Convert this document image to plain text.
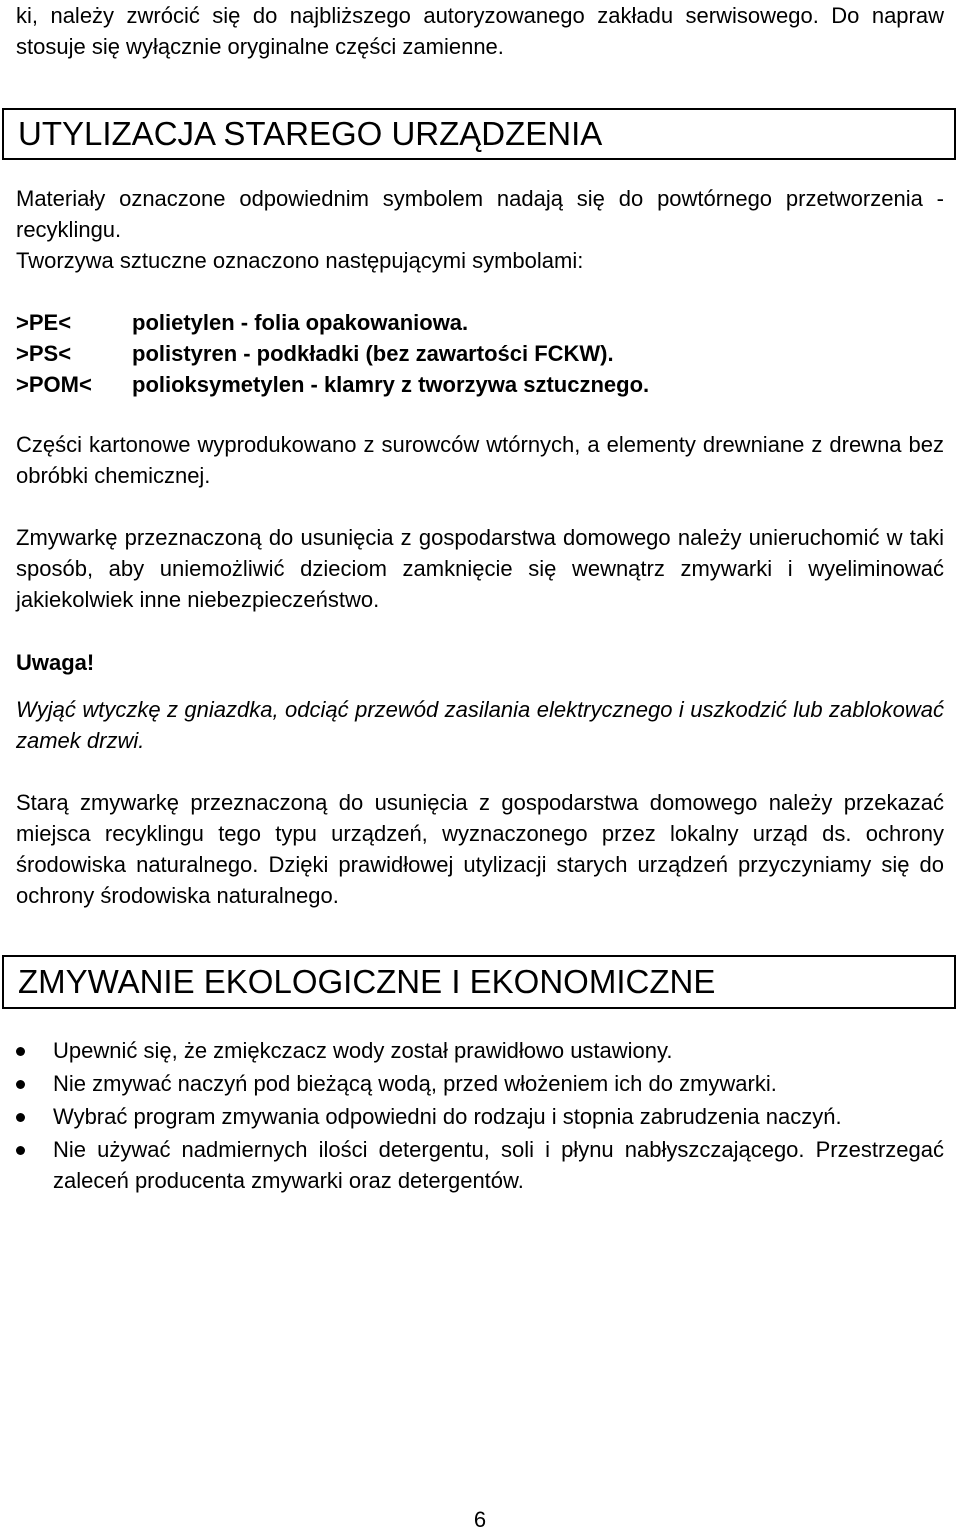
ki, należy zwrócić się do najbliższego autoryzowanego zakładu serwisowego. Do napraw stosuje się wyłącznie oryginalne części zamienne.

UTYLIZACJA STAREGO URZĄDZENIA

Materiały oznaczone odpowiednim symbolem nadają się do powtórnego przetworzenia - recyklingu.

Tworzywa sztuczne oznaczono następującymi symbolami:

>PE<	polietylen - folia opakowaniowa.
>PS<	polistyren - podkładki (bez zawartości FCKW).
>POM<	polioksymetylen - klamry z tworzywa sztucznego.

Części kartonowe wyprodukowano z surowców wtórnych, a elementy drewniane z drewna bez obróbki chemicznej.

Zmywarkę przeznaczoną do usunięcia z gospodarstwa domowego należy unieruchomić w taki sposób, aby uniemożliwić dzieciom zamknięcie się wewnątrz zmywarki i wyeliminować jakiekolwiek inne niebezpieczeństwo.

Uwaga!

Wyjąć wtyczkę z gniazdka, odciąć przewód zasilania elektrycznego i uszkodzić lub zablokować zamek drzwi.

Starą zmywarkę przeznaczoną do usunięcia z gospodarstwa domowego należy przekazać miejsca recyklingu tego typu urządzeń, wyznaczonego przez lokalny urząd ds. ochrony środowiska naturalnego. Dzięki prawidłowej utylizacji starych urządzeń przyczyniamy się do ochrony środowiska naturalnego.

ZMYWANIE EKOLOGICZNE I EKONOMICZNE
Upewnić się, że zmiękczacz wody został prawidłowo ustawiony.
Nie zmywać naczyń pod bieżącą wodą, przed włożeniem ich do zmywarki.
Wybrać program zmywania odpowiedni do rodzaju i stopnia zabrudzenia naczyń.
Nie używać nadmiernych ilości detergentu, soli i płynu nabłyszczającego. Przestrzegać zaleceń producenta zmywarki oraz detergentów.
6
